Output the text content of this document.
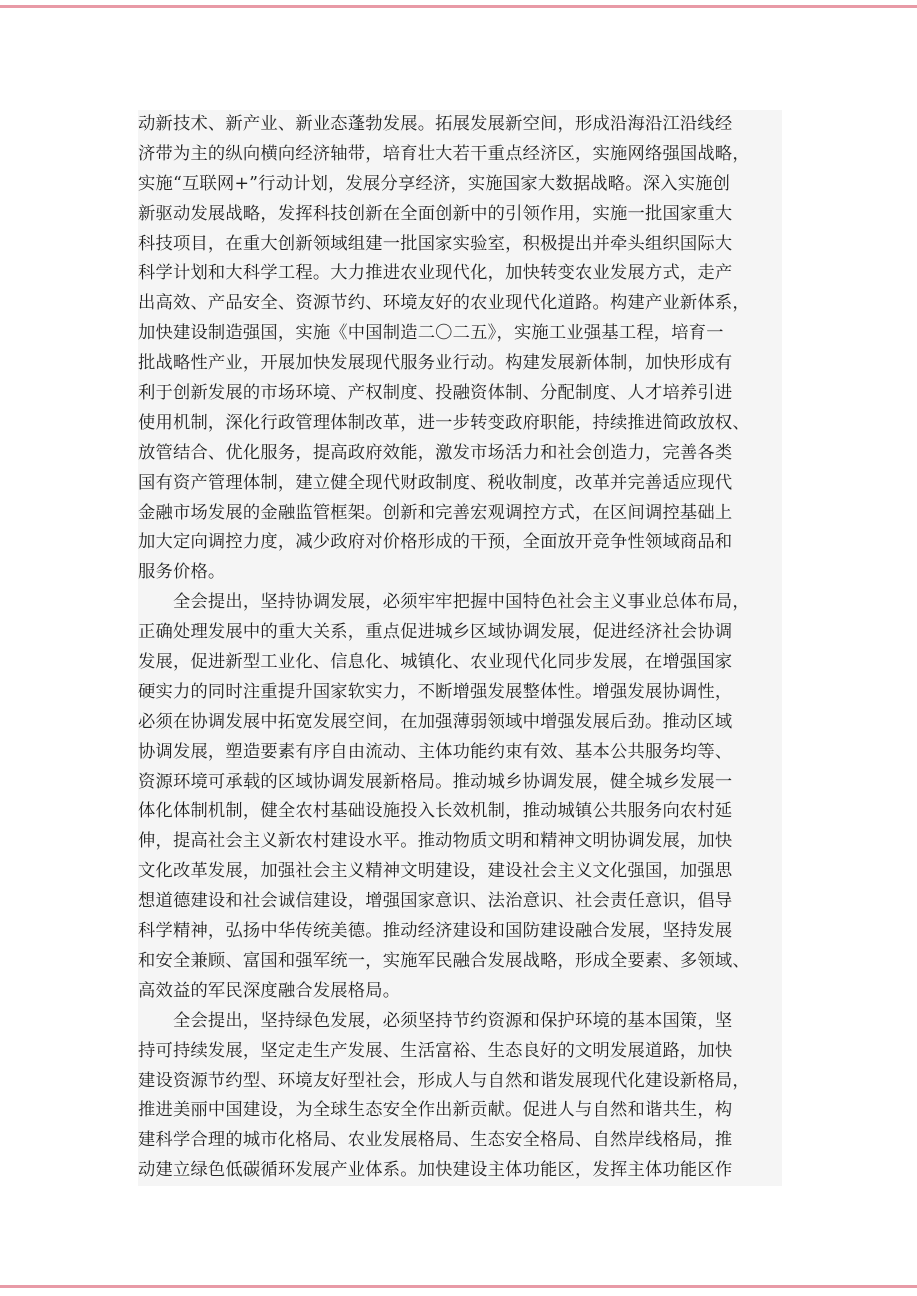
动新技术、新产业、新业态蓬勃发展。拓展发展新空间，形成沿海沿江沿线经
济带为主的纵向横向经济轴带，培育壮大若干重点经济区，实施网络强国战略，
实施“互联网+”行动计划，发展分享经济，实施国家大数据战略。深入实施创
新驱动发展战略，发挥科技创新在全面创新中的引领作用，实施一批国家重大
科技项目，在重大创新领域组建一批国家实验室，积极提出并牵头组织国际大
科学计划和大科学工程。大力推进农业现代化，加快转变农业发展方式，走产
出高效、产品安全、资源节约、环境友好的农业现代化道路。构建产业新体系，
加快建设制造强国，实施《中国制造二〇二五》，实施工业强基工程，培育一
批战略性产业，开展加快发展现代服务业行动。构建发展新体制，加快形成有
利于创新发展的市场环境、产权制度、投融资体制、分配制度、人才培养引进
使用机制，深化行政管理体制改革，进一步转变政府职能，持续推进简政放权、
放管结合、优化服务，提高政府效能，激发市场活力和社会创造力，完善各类
国有资产管理体制，建立健全现代财政制度、税收制度，改革并完善适应现代
金融市场发展的金融监管框架。创新和完善宏观调控方式，在区间调控基础上
加大定向调控力度，减少政府对价格形成的干预，全面放开竞争性领域商品和
服务价格。
　　全会提出，坚持协调发展，必须牢牢把握中国特色社会主义事业总体布局，
正确处理发展中的重大关系，重点促进城乡区域协调发展，促进经济社会协调
发展，促进新型工业化、信息化、城镇化、农业现代化同步发展，在增强国家
硬实力的同时注重提升国家软实力，不断增强发展整体性。增强发展协调性，
必须在协调发展中拓宽发展空间，在加强薄弱领域中增强发展后劲。推动区域
协调发展，塑造要素有序自由流动、主体功能约束有效、基本公共服务均等、
资源环境可承载的区域协调发展新格局。推动城乡协调发展，健全城乡发展一
体化体制机制，健全农村基础设施投入长效机制，推动城镇公共服务向农村延
伸，提高社会主义新农村建设水平。推动物质文明和精神文明协调发展，加快
文化改革发展，加强社会主义精神文明建设，建设社会主义文化强国，加强思
想道德建设和社会诚信建设，增强国家意识、法治意识、社会责任意识，倡导
科学精神，弘扬中华传统美德。推动经济建设和国防建设融合发展，坚持发展
和安全兼顾、富国和强军统一，实施军民融合发展战略，形成全要素、多领域、
高效益的军民深度融合发展格局。
　　全会提出，坚持绿色发展，必须坚持节约资源和保护环境的基本国策，坚
持可持续发展，坚定走生产发展、生活富裕、生态良好的文明发展道路，加快
建设资源节约型、环境友好型社会，形成人与自然和谐发展现代化建设新格局，
推进美丽中国建设，为全球生态安全作出新贡献。促进人与自然和谐共生，构
建科学合理的城市化格局、农业发展格局、生态安全格局、自然岸线格局，推
动建立绿色低碳循环发展产业体系。加快建设主体功能区，发挥主体功能区作
